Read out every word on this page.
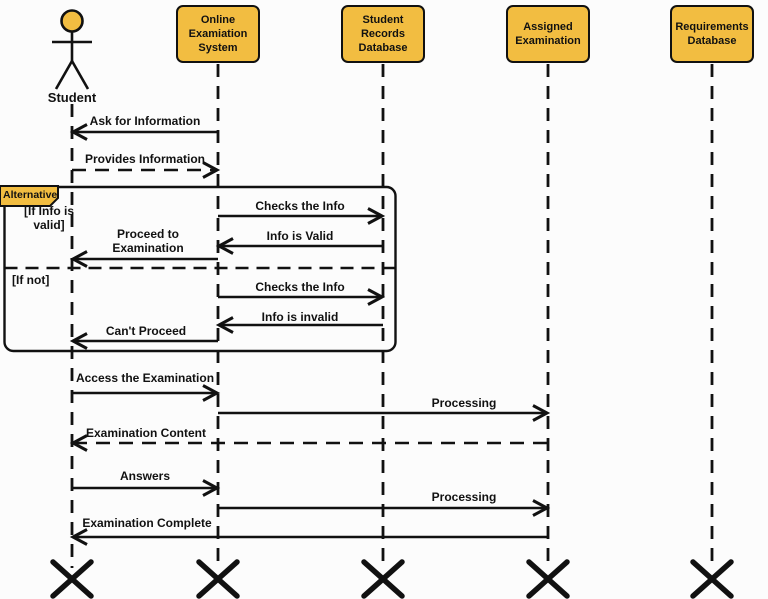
Online Examiation System
Student Records Database
Assigned Examination
Requirements Database
Student
Alternative
[If Info is valid]
[If not]
Ask for Information
Provides Information
Checks the Info
Info is Valid
Proceed to Examination
Checks the Info
Info is invalid
Can't Proceed
Access the Examination
Processing
Examination Content
Answers
Processing
Examination Complete
